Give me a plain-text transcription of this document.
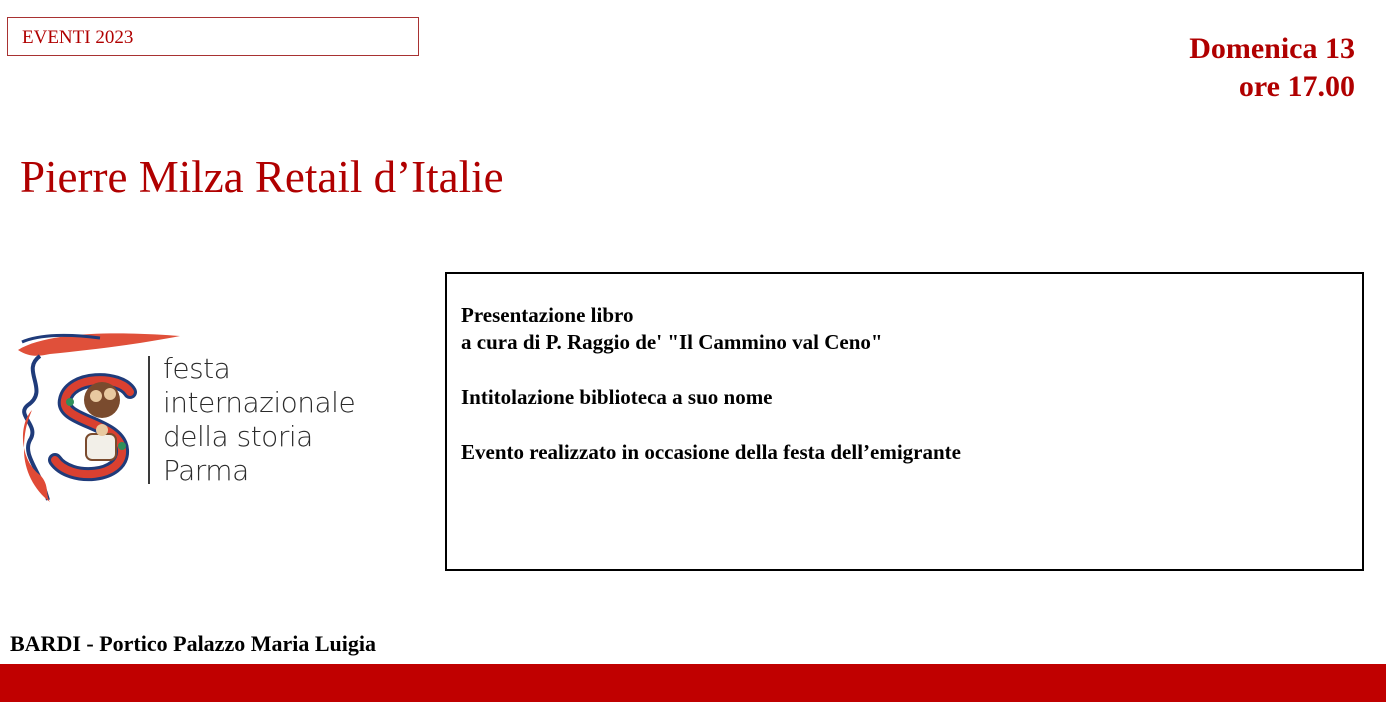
EVENTI 2023	Domenica 13
ore 17.00
Pierre Milza Retail d’Italie
festa
internazionale
della storia
Parma

Presentazione libro

a cura di P. Raggio de' "Il Cammino val Ceno"

Intitolazione biblioteca a suo nome

Evento realizzato in occasione della festa dell’emigrante

BARDI - Portico Palazzo Maria Luigia
